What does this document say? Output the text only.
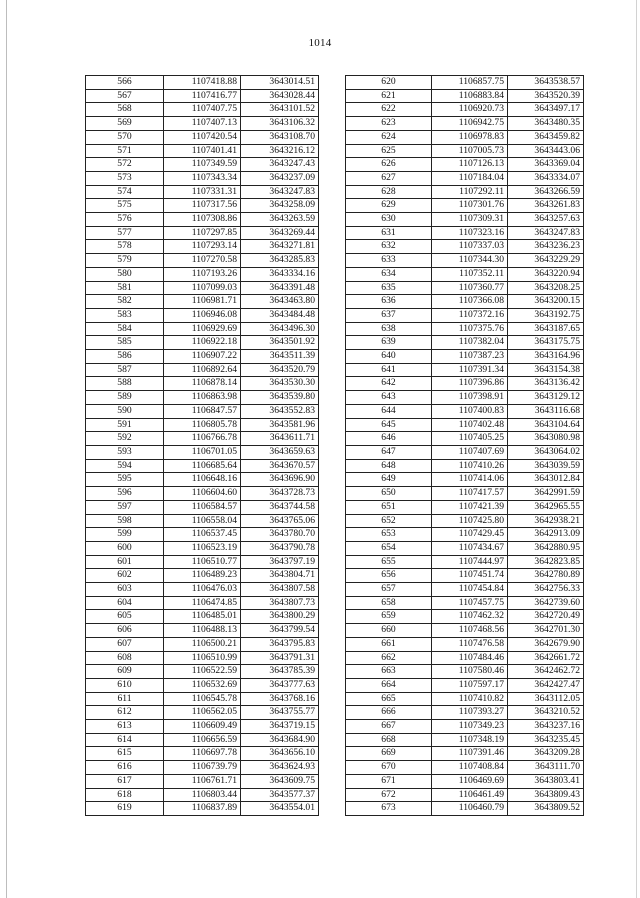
1014
566	1107418.88	3643014.51
567	1107416.77	3643028.44
568	1107407.75	3643101.52
569	1107407.13	3643106.32
570	1107420.54	3643108.70
571	1107401.41	3643216.12
572	1107349.59	3643247.43
573	1107343.34	3643237.09
574	1107331.31	3643247.83
575	1107317.56	3643258.09
576	1107308.86	3643263.59
577	1107297.85	3643269.44
578	1107293.14	3643271.81
579	1107270.58	3643285.83
580	1107193.26	3643334.16
581	1107099.03	3643391.48
582	1106981.71	3643463.80
583	1106946.08	3643484.48
584	1106929.69	3643496.30
585	1106922.18	3643501.92
586	1106907.22	3643511.39
587	1106892.64	3643520.79
588	1106878.14	3643530.30
589	1106863.98	3643539.80
590	1106847.57	3643552.83
591	1106805.78	3643581.96
592	1106766.78	3643611.71
593	1106701.05	3643659.63
594	1106685.64	3643670.57
595	1106648.16	3643696.90
596	1106604.60	3643728.73
597	1106584.57	3643744.58
598	1106558.04	3643765.06
599	1106537.45	3643780.70
600	1106523.19	3643790.78
601	1106510.77	3643797.19
602	1106489.23	3643804.71
603	1106476.03	3643807.58
604	1106474.85	3643807.73
605	1106485.01	3643800.29
606	1106488.13	3643799.54
607	1106500.21	3643795.83
608	1106510.99	3643791.31
609	1106522.59	3643785.39
610	1106532.69	3643777.63
611	1106545.78	3643768.16
612	1106562.05	3643755.77
613	1106609.49	3643719.15
614	1106656.59	3643684.90
615	1106697.78	3643656.10
616	1106739.79	3643624.93
617	1106761.71	3643609.75
618	1106803.44	3643577.37
619	1106837.89	3643554.01
620	1106857.75	3643538.57
621	1106883.84	3643520.39
622	1106920.73	3643497.17
623	1106942.75	3643480.35
624	1106978.83	3643459.82
625	1107005.73	3643443.06
626	1107126.13	3643369.04
627	1107184.04	3643334.07
628	1107292.11	3643266.59
629	1107301.76	3643261.83
630	1107309.31	3643257.63
631	1107323.16	3643247.83
632	1107337.03	3643236.23
633	1107344.30	3643229.29
634	1107352.11	3643220.94
635	1107360.77	3643208.25
636	1107366.08	3643200.15
637	1107372.16	3643192.75
638	1107375.76	3643187.65
639	1107382.04	3643175.75
640	1107387.23	3643164.96
641	1107391.34	3643154.38
642	1107396.86	3643136.42
643	1107398.91	3643129.12
644	1107400.83	3643116.68
645	1107402.48	3643104.64
646	1107405.25	3643080.98
647	1107407.69	3643064.02
648	1107410.26	3643039.59
649	1107414.06	3643012.84
650	1107417.57	3642991.59
651	1107421.39	3642965.55
652	1107425.80	3642938.21
653	1107429.45	3642913.09
654	1107434.67	3642880.95
655	1107444.97	3642823.85
656	1107451.74	3642780.89
657	1107454.84	3642756.33
658	1107457.75	3642739.60
659	1107462.32	3642720.49
660	1107468.56	3642701.30
661	1107476.58	3642679.90
662	1107484.46	3642661.72
663	1107580.46	3642462.72
664	1107597.17	3642427.47
665	1107410.82	3643112.05
666	1107393.27	3643210.52
667	1107349.23	3643237.16
668	1107348.19	3643235.45
669	1107391.46	3643209.28
670	1107408.84	3643111.70
671	1106469.69	3643803.41
672	1106461.49	3643809.43
673	1106460.79	3643809.52
